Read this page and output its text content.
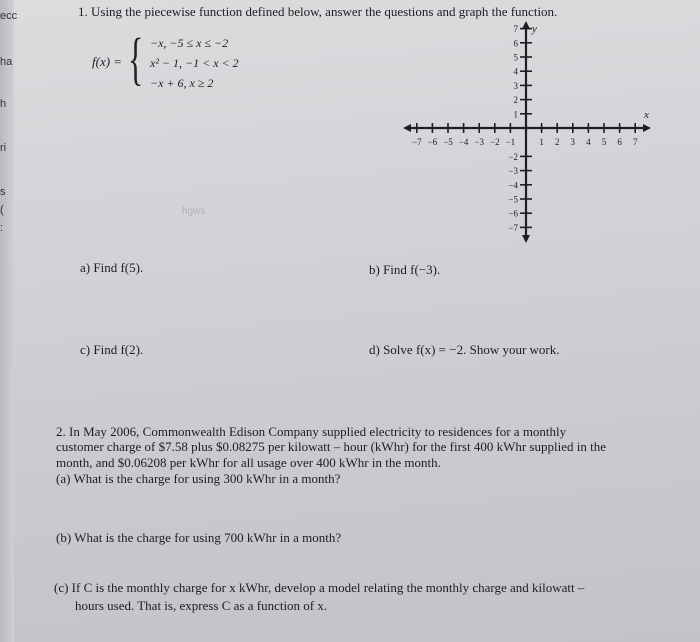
ecc
ha
h
ri
s
(
:
1. Using the piecewise function defined below, answer the questions and graph the function.
f(x) = { −x, −5 ≤ x ≤ −2
x² − 1, −1 < x < 2
−x + 6, x ≥ 2
hgws
−7 −6 −5 −4 −3 −2 −1	1 2 3 4 5 6 7
7
6
5
4
3
2
1
−2
−3
−4
−5
−6
−7
x
y
a) Find f(5).	b) Find f(−3).
c) Find f(2).	d) Solve f(x) = −2. Show your work.
2. In May 2006, Commonwealth Edison Company supplied electricity to residences for a monthly
customer charge of $7.58 plus $0.08275 per kilowatt – hour (kWhr) for the first 400 kWhr supplied in the
month, and $0.06208 per kWhr for all usage over 400 kWhr in the month.
(a) What is the charge for using 300 kWhr in a month?
(b) What is the charge for using 700 kWhr in a month?
(c) If C is the monthly charge for x kWhr, develop a model relating the monthly charge and kilowatt –
hours used. That is, express C as a function of x.
